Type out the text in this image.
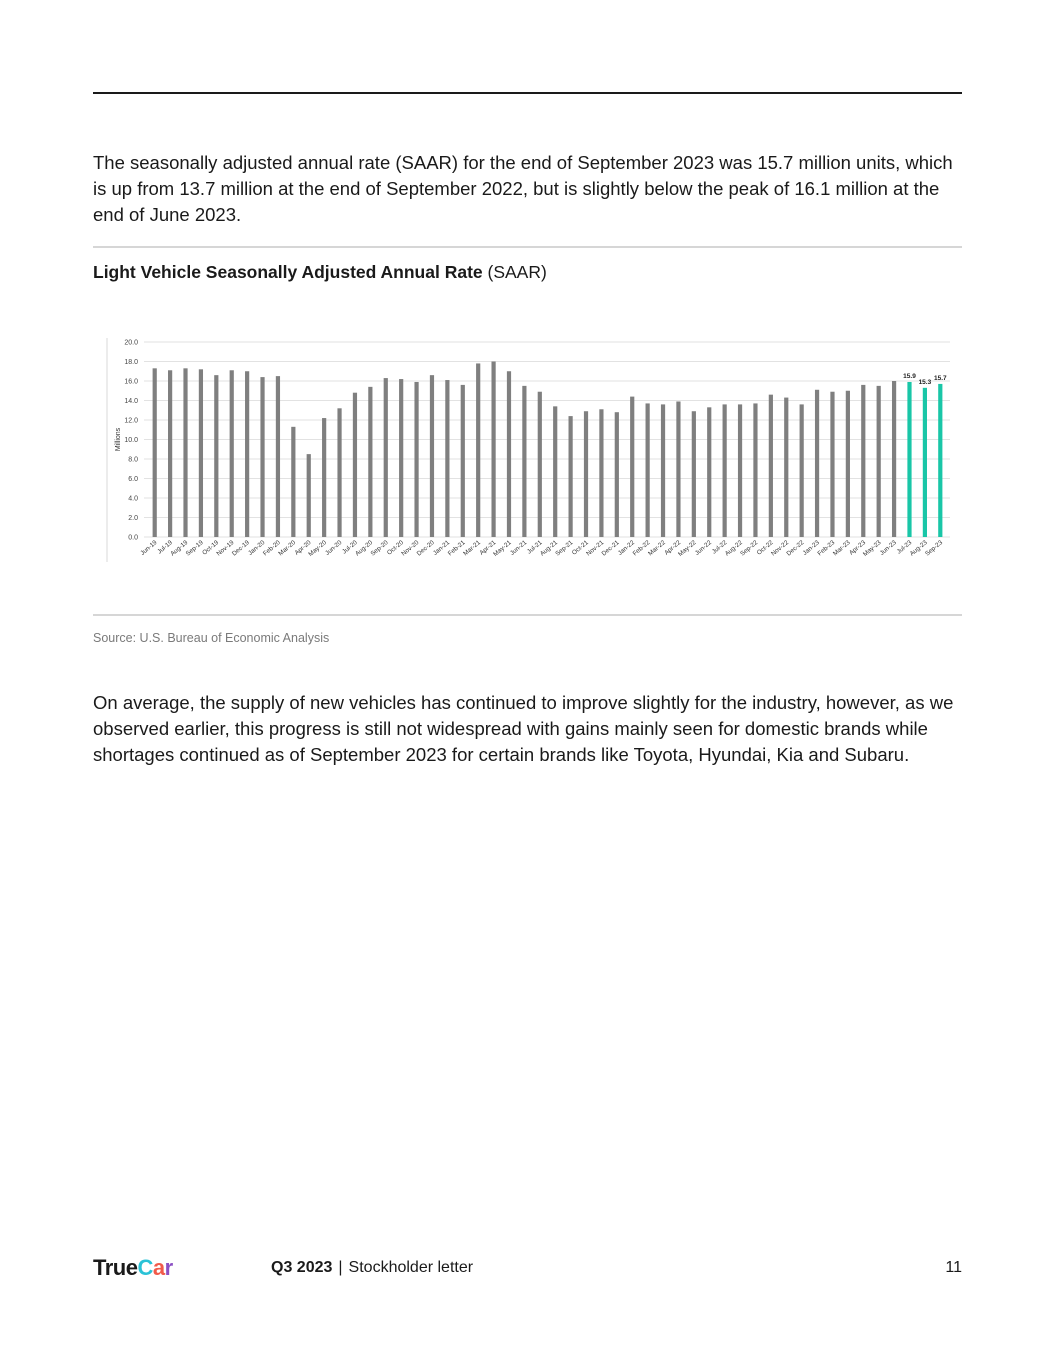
The seasonally adjusted annual rate (SAAR) for the end of September 2023 was 15.7 million units, which is up from 13.7 million at the end of September 2022, but is slightly below the peak of 16.1 million at the end of June 2023.

Light Vehicle Seasonally Adjusted Annual Rate (SAAR)
0.0
2.0
4.0
6.0
8.0
10.0
12.0
14.0
16.0
18.0
20.0
Millions
Jun-19
Jul-19
Aug-19
Sep-19
Oct-19
Nov-19
Dec-19
Jan-20
Feb-20
Mar-20
Apr-20
May-20
Jun-20
Jul-20
Aug-20
Sep-20
Oct-20
Nov-20
Dec-20
Jan-21
Feb-21
Mar-21
Apr-21
May-21
Jun-21
Jul-21
Aug-21
Sep-21
Oct-21
Nov-21
Dec-21
Jan-22
Feb-22
Mar-22
Apr-22
May-22
Jun-22
Jul-22
Aug-22
Sep-22
Oct-22
Nov-22
Dec-22
Jan-23
Feb-23
Mar-23
Apr-23
May-23
Jun-23
Jul-23
15.9
Aug-23
15.3
Sep-23
15.7
Source: U.S. Bureau of Economic Analysis

On average, the supply of new vehicles has continued to improve slightly for the industry, however, as we observed earlier, this progress is still not widespread with gains mainly seen for domestic brands while shortages continued as of September 2023 for certain brands like Toyota, Hyundai, Kia and Subaru.

TrueCar	Q3 2023 | Stockholder letter	11
